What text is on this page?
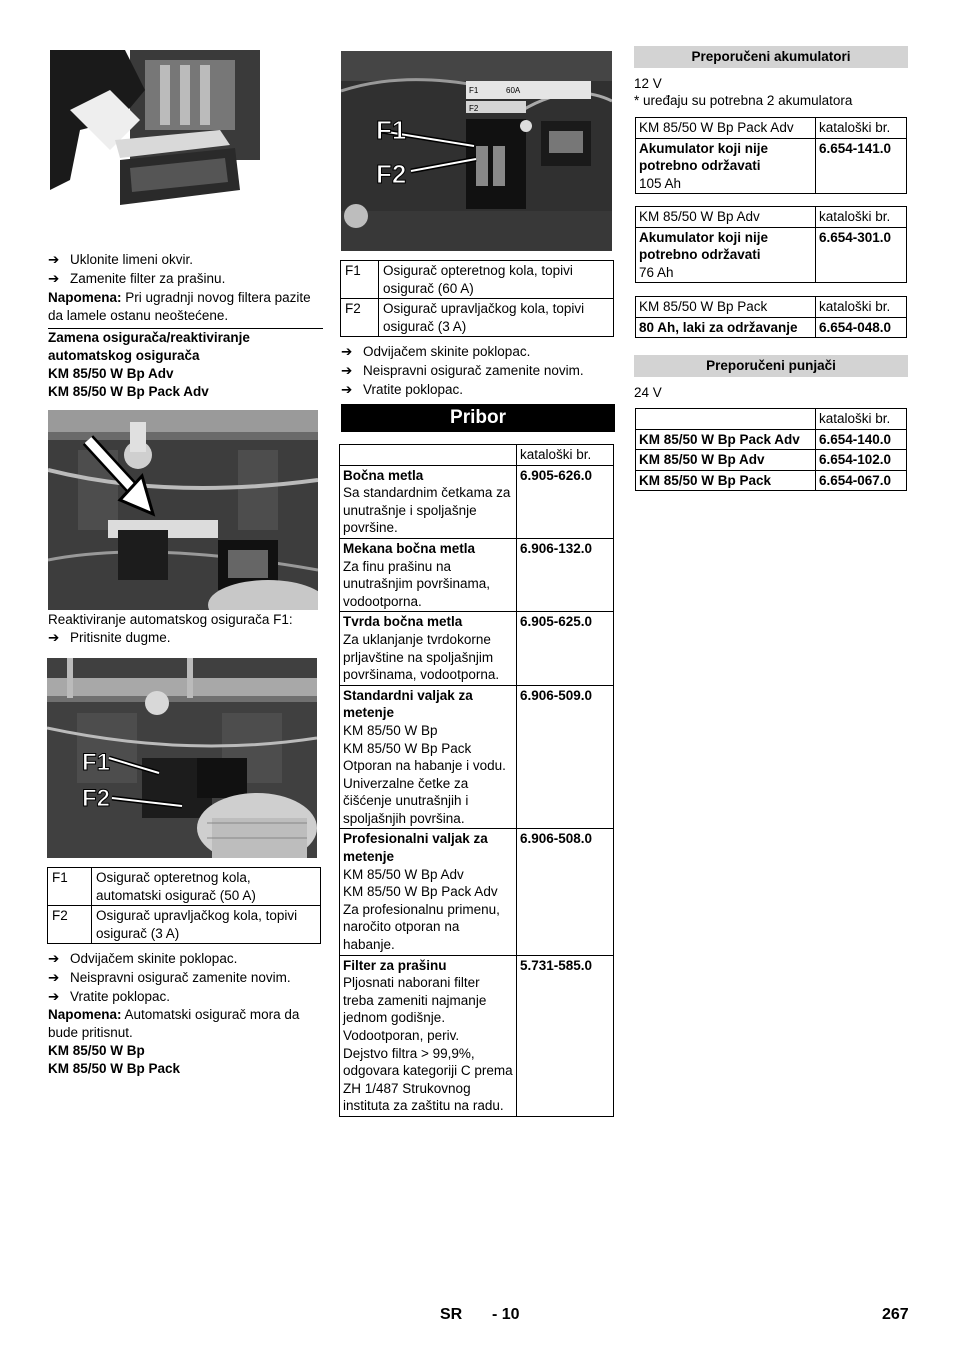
➔ Uklonite limeni okvir.
➔ Zamenite filter za prašinu.
Napomena: Pri ugradnji novog filtera pazite da lamele ostanu neoštećene.
Zamena osigurača/reaktiviranje automatskog osigurača
KM 85/50 W Bp Adv
KM 85/50 W Bp Pack Adv
Reaktiviranje automatskog osigurača F1:
➔ Pritisnite dugme.
F1
F2
F1	Osigurač opteretnog kola, automatski osigurač (50 A)
F2	Osigurač upravljačkog kola, topivi osigurač (3 A)
➔ Odvijačem skinite poklopac.
➔ Neispravni osigurač zamenite novim.
➔ Vratite poklopac.
Napomena: Automatski osigurač mora da bude pritisnut.
KM 85/50 W Bp
KM 85/50 W Bp Pack
F1	60A
F2
F1
F2
F1	Osigurač opteretnog kola, topivi osigurač (60 A)
F2	Osigurač upravljačkog kola, topivi osigurač (3 A)
➔ Odvijačem skinite poklopac.
➔ Neispravni osigurač zamenite novim.
➔ Vratite poklopac.
Pribor
	kataloški br.

Bočna metla
Sa standardnim četkama za unutrašnje i spoljašnje površine.	6.905-626.0

Mekana bočna metla
Za finu prašinu na unutrašnjim površinama, vodootporna.	6.906-132.0

Tvrda bočna metla
Za uklanjanje tvrdokorne prljavštine na spoljašnjim površinama, vodootporna.	6.905-625.0

Standardni valjak za metenje
KM 85/50 W Bp
KM 85/50 W Bp Pack
Otporan na habanje i vodu. Univerzalne četke za čišćenje unutrašnjih i spoljašnjih površina.	6.906-509.0

Profesionalni valjak za metenje
KM 85/50 W Bp Adv
KM 85/50 W Bp Pack Adv
Za profesionalnu primenu, naročito otporan na habanje.	6.906-508.0

Filter za prašinu
Pljosnati naborani filter treba zameniti najmanje jednom godišnje.
Vodootporan, periv.
Dejstvo filtra > 99,9%, odgovara kategoriji C prema ZH 1/487 Strukovnog instituta za zaštitu na radu.	5.731-585.0
Preporučeni akumulatori
12 V
* uređaju su potrebna 2 akumulatora
KM 85/50 W Bp Pack Adv	kataloški br.

Akumulator koji nije potrebno održavati
105 Ah	6.654-141.0
KM 85/50 W Bp Adv	kataloški br.

Akumulator koji nije potrebno održavati
76 Ah	6.654-301.0
KM 85/50 W Bp Pack	kataloški br.
80 Ah, laki za održavanje	6.654-048.0
Preporučeni punjači
24 V
	kataloški br.
KM 85/50 W Bp Pack Adv	6.654-140.0
KM 85/50 W Bp Adv	6.654-102.0
KM 85/50 W Bp Pack	6.654-067.0
SR - 10	267
